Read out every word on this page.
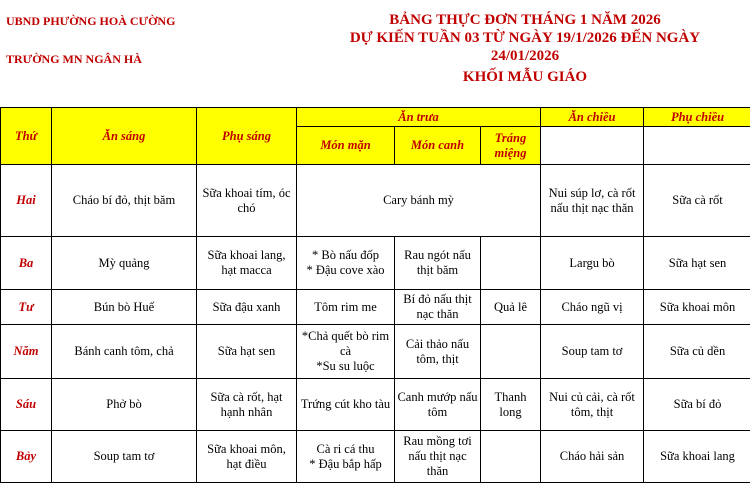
UBND PHƯỜNG HOÀ CƯỜNG
TRƯỜNG MN NGÂN HÀ
BẢNG THỰC ĐƠN THÁNG 1 NĂM 2026
DỰ KIẾN TUẦN 03 TỪ NGÀY 19/1/2026 ĐẾN NGÀY
24/01/2026
KHỐI MẪU GIÁO
Thứ	Ăn sáng	Phụ sáng	Ăn trưa			Ăn chiều	Phụ chiều
			Món mặn	Món canh	Tráng miệng		
Hai	Cháo bí đỏ, thịt băm	Sữa khoai tím, óc chó	Cary bánh mỳ			Nui súp lơ, cà rốt nấu thịt nạc thăn	Sữa cà rốt
Ba	Mỳ quảng	Sữa khoai lang, hạt macca	* Bò nấu đốp
* Đậu cove xào	Rau ngót nấu thịt băm		Largu bò	Sữa hạt sen
Tư	Bún bò Huế	Sữa đậu xanh	Tôm rim me	Bí đỏ nấu thịt nạc thăn	Quả lê	Cháo ngũ vị	Sữa khoai môn
Năm	Bánh canh tôm, chả	Sữa hạt sen	*Chả quết bò rim cà
*Su su luộc	Cải thảo nấu tôm, thịt		Soup tam tơ	Sữa củ dền
Sáu	Phở bò	Sữa cà rốt, hạt hạnh nhân	Trứng cút kho tàu	Canh mướp nấu tôm	Thanh long	Nui củ cải, cà rốt tôm, thịt	Sữa bí đỏ
Bảy	Soup tam tơ	Sữa khoai môn, hạt điều	Cà ri cá thu
* Đậu bắp hấp	Rau mồng tơi nấu thịt nạc thăn		Cháo hải sản	Sữa khoai lang
